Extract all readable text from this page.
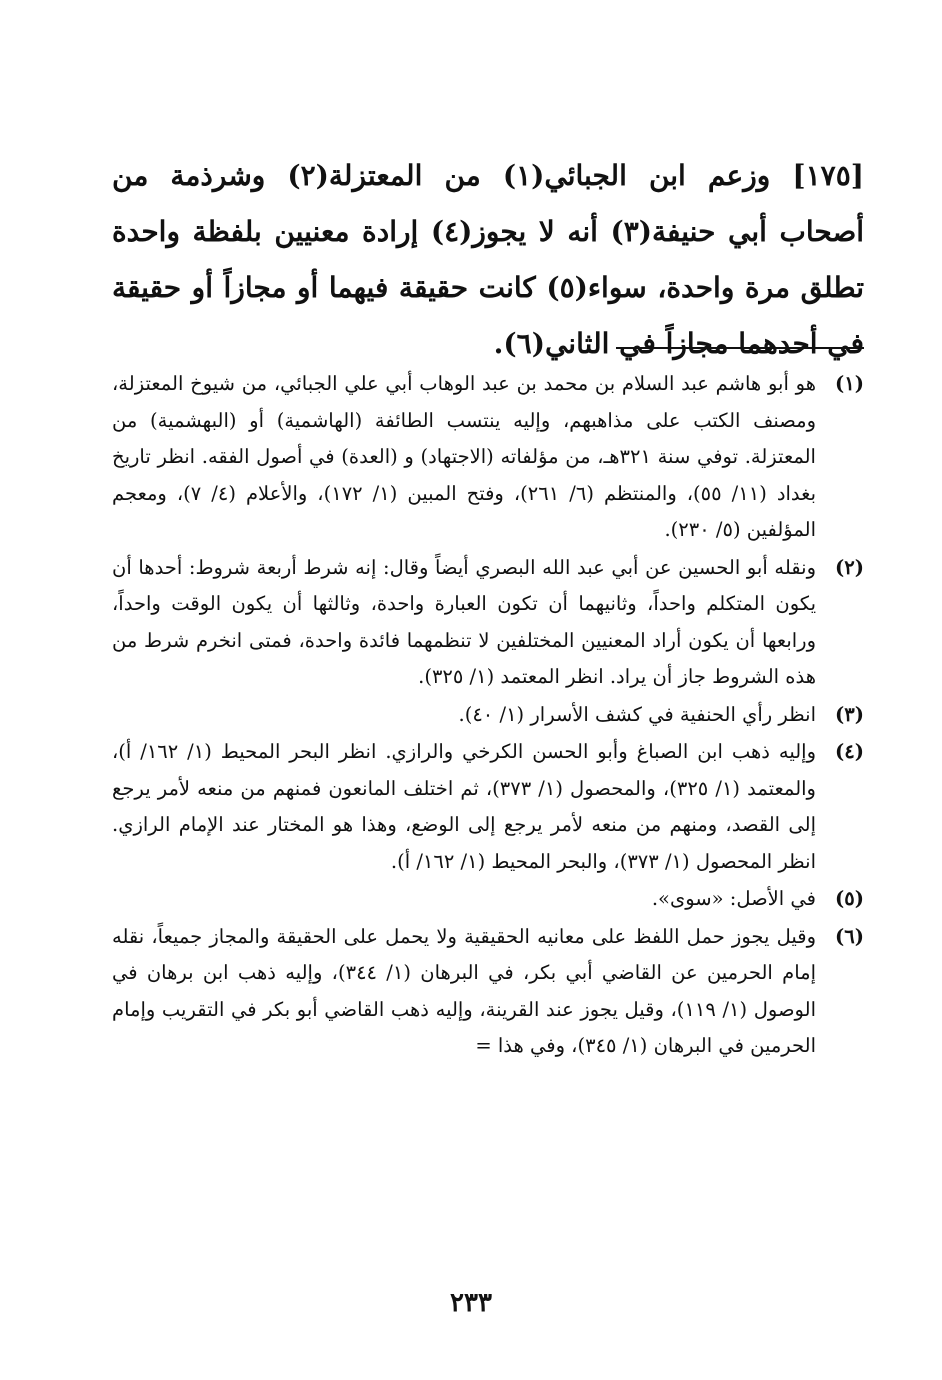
[١٧٥] وزعم ابن الجبائي(١) من المعتزلة(٢) وشرذمة من أصحاب أبي حنيفة(٣) أنه لا يجوز(٤) إرادة معنيين بلفظة واحدة تطلق مرة واحدة، سواء(٥) كانت حقيقة فيهما أو مجازاً أو حقيقة في أحدهما مجازاً في الثاني(٦).

(١)
هو أبو هاشم عبد السلام بن محمد بن عبد الوهاب أبي علي الجبائي، من شيوخ المعتزلة، ومصنف الكتب على مذاهبهم، وإليه ينتسب الطائفة (الهاشمية) أو (البهشمية) من المعتزلة. توفي سنة ٣٢١هـ، من مؤلفاته (الاجتهاد) و (العدة) في أصول الفقه. انظر تاريخ بغداد (١١/ ٥٥)، والمنتظم (٦/ ٢٦١)، وفتح المبين (١/ ١٧٢)، والأعلام (٤/ ٧)، ومعجم المؤلفين (٥/ ٢٣٠).
(٢)
ونقله أبو الحسين عن أبي عبد الله البصري أيضاً وقال: إنه شرط أربعة شروط: أحدها أن يكون المتكلم واحداً، وثانيهما أن تكون العبارة واحدة، وثالثها أن يكون الوقت واحداً، ورابعها أن يكون أراد المعنيين المختلفين لا تنظمهما فائدة واحدة، فمتى انخرم شرط من هذه الشروط جاز أن يراد. انظر المعتمد (١/ ٣٢٥).
(٣)
انظر رأي الحنفية في كشف الأسرار (١/ ٤٠).
(٤)
وإليه ذهب ابن الصباغ وأبو الحسن الكرخي والرازي. انظر البحر المحيط (١/ ١٦٢/ أ)، والمعتمد (١/ ٣٢٥)، والمحصول (١/ ٣٧٣)، ثم اختلف المانعون فمنهم من منعه لأمر يرجع إلى القصد، ومنهم من منعه لأمر يرجع إلى الوضع، وهذا هو المختار عند الإمام الرازي. انظر المحصول (١/ ٣٧٣)، والبحر المحيط (١/ ١٦٢/ أ).
(٥)
في الأصل: «سوى».
(٦)
وقيل يجوز حمل اللفظ على معانيه الحقيقية ولا يحمل على الحقيقة والمجاز جميعاً، نقله إمام الحرمين عن القاضي أبي بكر، في البرهان (١/ ٣٤٤)، وإليه ذهب ابن برهان في الوصول (١/ ١١٩)، وقيل يجوز عند القرينة، وإليه ذهب القاضي أبو بكر في التقريب وإمام الحرمين في البرهان (١/ ٣٤٥)، وفي هذا =
٢٣٣
